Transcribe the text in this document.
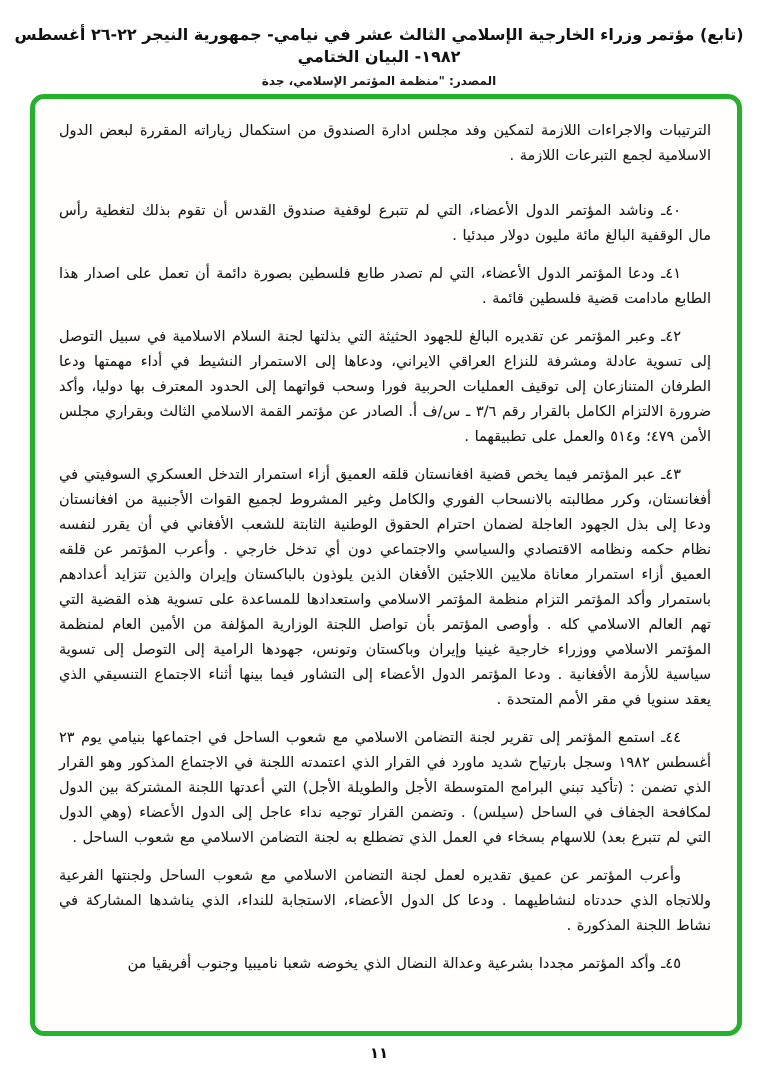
(تابع) مؤتمر وزراء الخارجية الإسلامي الثالث عشر في نيامي- جمهورية النيجر ٢٢-٢٦ أغسطس ١٩٨٢- البيان الختامي
المصدر: "منظمة المؤتمر الإسلامي، جدة
الترتيبات والاجراءات اللازمة لتمكين وفد مجلس ادارة الصندوق من استكمال زياراته المقررة لبعض الدول الاسلامية لجمع التبرعات اللازمة .
٤٠ـ وناشد المؤتمر الدول الأعضاء، التي لم تتبرع لوقفية صندوق القدس أن تقوم بذلك لتغطية رأس مال الوقفية البالغ مائة مليون دولار مبدئيا .
٤١ـ ودعا المؤتمر الدول الأعضاء، التي لم تصدر طابع فلسطين بصورة دائمة أن تعمل على اصدار هذا الطابع مادامت قضية فلسطين قائمة .
٤٢ـ وعبر المؤتمر عن تقديره البالغ للجهود الحثيثة التي بذلتها لجنة السلام الاسلامية في سبيل التوصل إلى تسوية عادلة ومشرفة للنزاع العراقي الايراني، ودعاها إلى الاستمرار النشيط في أداء مهمتها ودعا الطرفان المتنازعان إلى توقيف العمليات الحربية فورا وسحب قواتهما إلى الحدود المعترف بها دوليا، وأكد ضرورة الالتزام الكامل بالقرار رقم ٣/٦ ـ س/ف أ. الصادر عن مؤتمر القمة الاسلامي الثالث وبقراري مجلس الأمن ٤٧٩؛ و٥١٤ والعمل على تطبيقهما .
٤٣ـ عبر المؤتمر فيما يخص قضية افغانستان قلقه العميق أزاء استمرار التدخل العسكري السوفيتي في أفغانستان، وكرر مطالبته بالانسحاب الفوري والكامل وغير المشروط لجميع القوات الأجنبية من افغانستان ودعا إلى بذل الجهود العاجلة لضمان احترام الحقوق الوطنية الثابتة للشعب الأفغاني في أن يقرر لنفسه نظام حكمه ونظامه الاقتصادي والسياسي والاجتماعي دون أي تدخل خارجي . وأعرب المؤتمر عن قلقه العميق أزاء استمرار معاناة ملايين اللاجئين الأفغان الذين يلوذون بالباكستان وإيران والذين تتزايد أعدادهم باستمرار وأكد المؤتمر التزام منظمة المؤتمر الاسلامي واستعدادها للمساعدة على تسوية هذه القضية التي تهم العالم الاسلامي كله . وأوصى المؤتمر بأن تواصل اللجنة الوزارية المؤلفة من الأمين العام لمنظمة المؤتمر الاسلامي ووزراء خارجية غينيا وإيران وباكستان وتونس، جهودها الرامية إلى التوصل إلى تسوية سياسية للأزمة الأفغانية . ودعا المؤتمر الدول الأعضاء إلى التشاور فيما بينها أثناء الاجتماع التنسيقي الذي يعقد سنويا في مقر الأمم المتحدة .
٤٤ـ استمع المؤتمر إلى تقرير لجنة التضامن الاسلامي مع شعوب الساحل في اجتماعها بنيامي يوم ٢٣ أغسطس ١٩٨٢ وسجل بارتياح شديد ماورد في القرار الذي اعتمدته اللجنة في الاجتماع المذكور وهو القرار الذي تضمن : (تأكيد تبني البرامج المتوسطة الأجل والطويلة الأجل) التي أعدتها اللجنة المشتركة بين الدول لمكافحة الجفاف في الساحل (سيلس) . وتضمن القرار توجيه نداء عاجل إلى الدول الأعضاء (وهي الدول التي لم تتبرع بعد) للاسهام بسخاء في العمل الذي تضطلع به لجنة التضامن الاسلامي مع شعوب الساحل .
وأعرب المؤتمر عن عميق تقديره لعمل لجنة التضامن الاسلامي مع شعوب الساحل ولجنتها الفرعية وللاتجاه الذي حددتاه لنشاطيهما . ودعا كل الدول الأعضاء، الاستجابة للنداء، الذي يناشدها المشاركة في نشاط اللجنة المذكورة .
٤٥ـ وأكد المؤتمر مجددا بشرعية وعدالة النضال الذي يخوضه شعبا ناميبيا وجنوب أفريقيا من
١١
